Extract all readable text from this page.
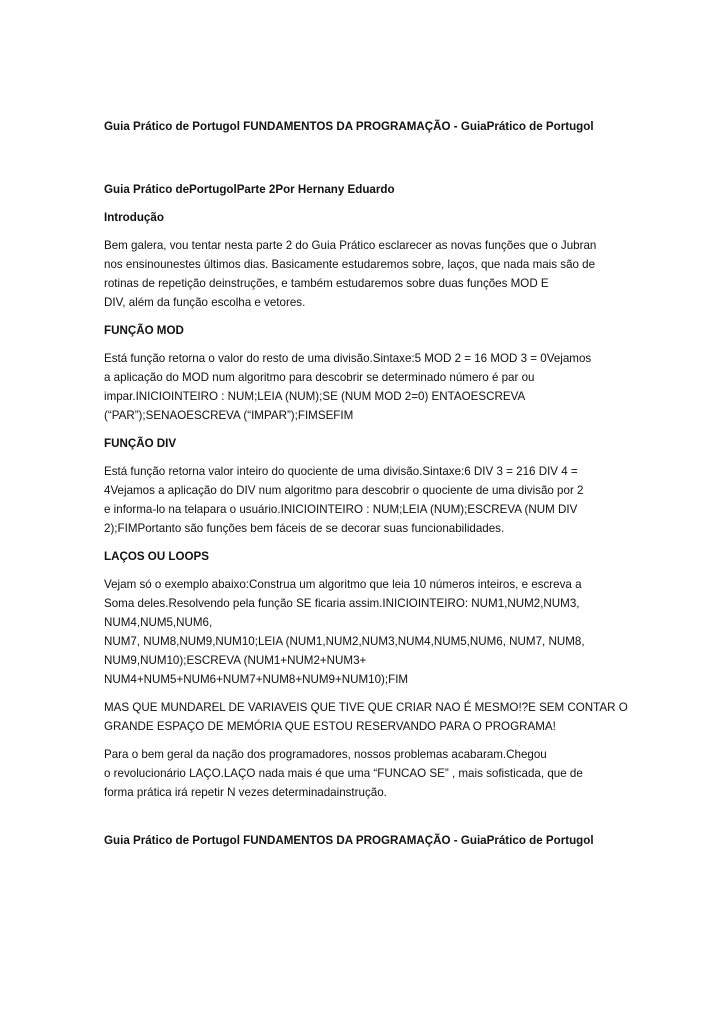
Guia Prático de Portugol FUNDAMENTOS DA PROGRAMAÇÃO - GuiaPrático de Portugol
Guia Prático dePortugolParte 2Por Hernany Eduardo
Introdução
Bem galera, vou tentar nesta parte 2 do Guia Prático esclarecer as novas funções que o Jubran
nos ensinounestes últimos dias. Basicamente estudaremos sobre, laços, que nada mais são de
rotinas de repetição deinstruções, e também estudaremos sobre duas funções MOD E
DIV, além da função escolha e vetores.
FUNÇÃO MOD
Está função retorna o valor do resto de uma divisão.Sintaxe:5 MOD 2 = 16 MOD 3 = 0Vejamos
a aplicação do MOD num algoritmo para descobrir se determinado número é par ou
impar.INICIOINTEIRO : NUM;LEIA (NUM);SE (NUM MOD 2=0) ENTAOESCREVA
(“PAR”);SENAOESCREVA (“IMPAR”);FIMSEFIM
FUNÇÃO DIV
Está função retorna valor inteiro do quociente de uma divisão.Sintaxe:6 DIV 3 = 216 DIV 4 =
4Vejamos a aplicação do DIV num algoritmo para descobrir o quociente de uma divisão por 2
e informa-lo na telapara o usuário.INICIOINTEIRO : NUM;LEIA (NUM);ESCREVA (NUM DIV
2);FIMPortanto são funções bem fáceis de se decorar suas funcionabilidades.
LAÇOS OU LOOPS
Vejam só o exemplo abaixo:Construa um algoritmo que leia 10 números inteiros, e escreva a
Soma deles.Resolvendo pela função SE ficaria assim.INICIOINTEIRO: NUM1,NUM2,NUM3,
NUM4,NUM5,NUM6,
NUM7, NUM8,NUM9,NUM10;LEIA (NUM1,NUM2,NUM3,NUM4,NUM5,NUM6, NUM7, NUM8,
NUM9,NUM10);ESCREVA (NUM1+NUM2+NUM3+
NUM4+NUM5+NUM6+NUM7+NUM8+NUM9+NUM10);FIM
MAS QUE MUNDAREL DE VARIAVEIS QUE TIVE QUE CRIAR NAO É MESMO!?E SEM CONTAR O
GRANDE ESPAÇO DE MEMÓRIA QUE ESTOU RESERVANDO PARA O PROGRAMA!
Para o bem geral da nação dos programadores, nossos problemas acabaram.Chegou
o revolucionário LAÇO.LAÇO nada mais é que uma “FUNCAO SE” , mais sofisticada, que de
forma prática irá repetir N vezes determinadainstrução.
Guia Prático de Portugol FUNDAMENTOS DA PROGRAMAÇÃO - GuiaPrático de Portugol
